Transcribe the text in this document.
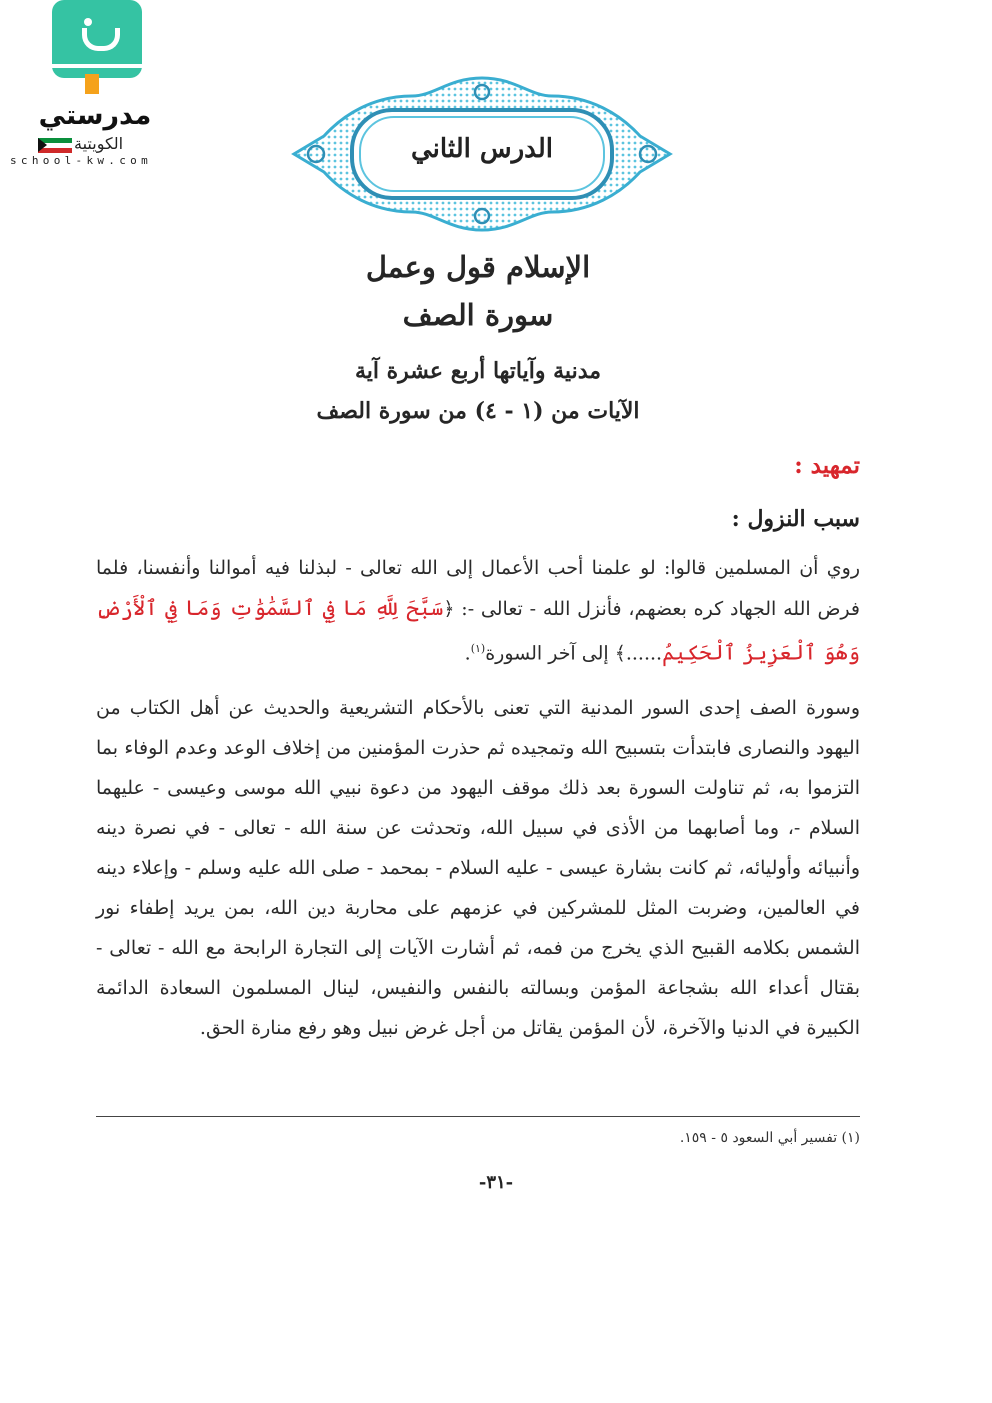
مدرستي
الكويتية
school-kw.com	الدرس الثاني
الإسلام قول وعمل
سورة الصف
مدنية وآياتها أربع عشرة آية
الآيات من (١ - ٤) من سورة الصف
تمهيد :
سبب النزول :
روي أن المسلمين قالوا: لو علمنا أحب الأعمال إلى الله تعالى - لبذلنا فيه أموالنا وأنفسنا، فلما فرض الله الجهاد كره بعضهم، فأنزل الله - تعالى -: ﴿سَبَّحَ لِلَّهِ مَا فِي ٱلسَّمَٰوَٰتِ وَمَا فِي ٱلْأَرْضِ وَهُوَ ٱلْعَزِيزُ ٱلْحَكِيمُ......﴾ إلى آخر السورة$^{(١)}$.
وسورة الصف إحدى السور المدنية التي تعنى بالأحكام التشريعية والحديث عن أهل الكتاب من اليهود والنصارى فابتدأت بتسبيح الله وتمجيده ثم حذرت المؤمنين من إخلاف الوعد وعدم الوفاء بما التزموا به، ثم تناولت السورة بعد ذلك موقف اليهود من دعوة نبيي الله موسى وعيسى - عليهما السلام -، وما أصابهما من الأذى في سبيل الله، وتحدثت عن سنة الله - تعالى - في نصرة دينه وأنبيائه وأوليائه، ثم كانت بشارة عيسى - عليه السلام - بمحمد - صلى الله عليه وسلم - وإعلاء دينه في العالمين، وضربت المثل للمشركين في عزمهم على محاربة دين الله، بمن يريد إطفاء نور الشمس بكلامه القبيح الذي يخرج من فمه، ثم أشارت الآيات إلى التجارة الرابحة مع الله - تعالى - بقتال أعداء الله بشجاعة المؤمن وبسالته بالنفس والنفيس، لينال المسلمون السعادة الدائمة الكبيرة في الدنيا والآخرة، لأن المؤمن يقاتل من أجل غرض نبيل وهو رفع منارة الحق.
(١) تفسير أبي السعود ٥ - ١٥٩.
-٣١-
